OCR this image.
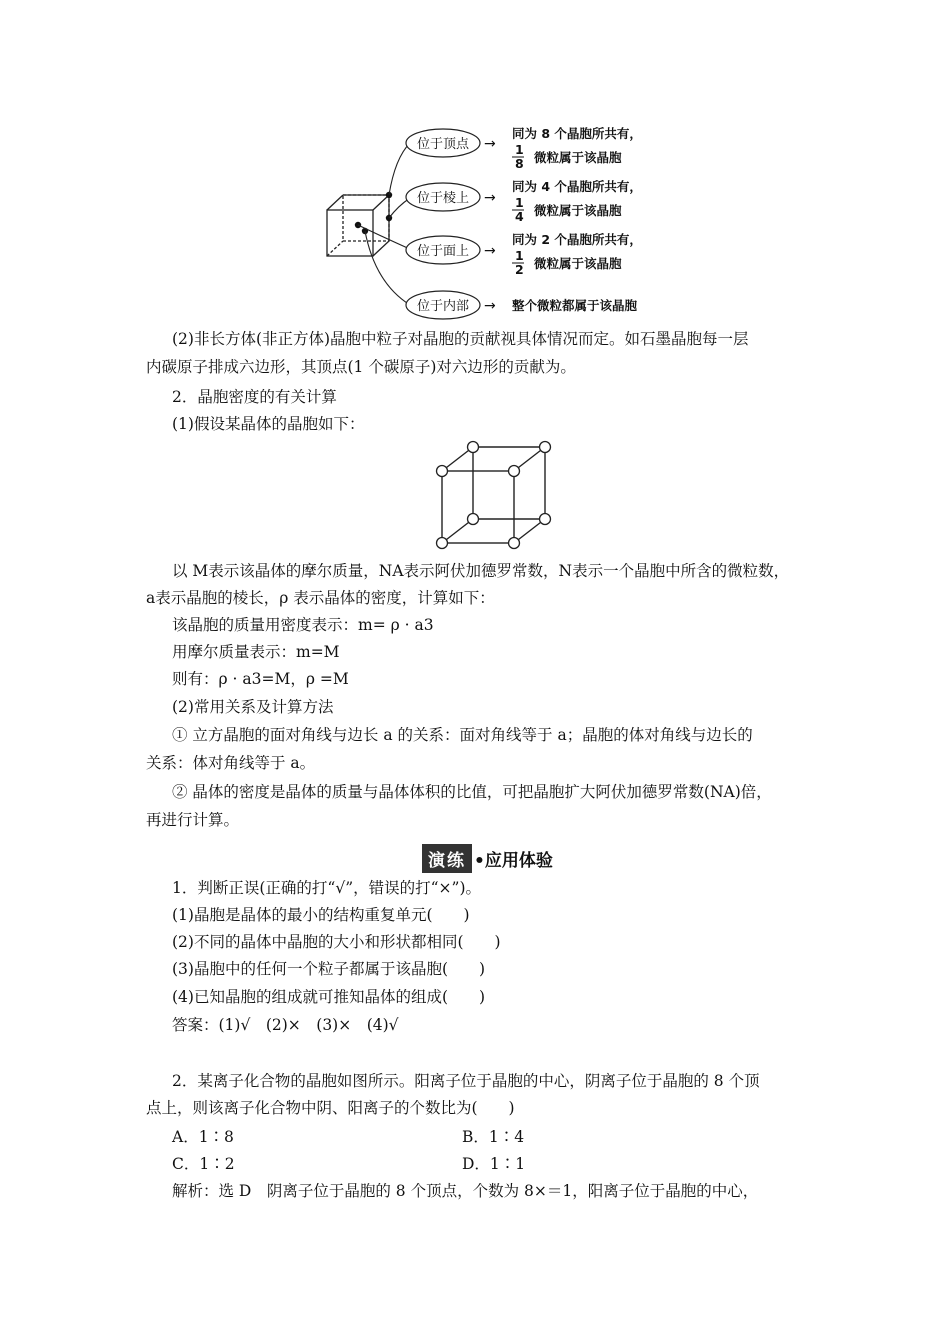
位于顶点
位于棱上
位于面上
位于内部
→
→
→
→
同为 8 个晶胞所共有，
1
8 微粒属于该晶胞
同为 4 个晶胞所共有，
1
4 微粒属于该晶胞
同为 2 个晶胞所共有，
1
2 微粒属于该晶胞
整个微粒都属于该晶胞
(2)非长方体(非正方体)晶胞中粒子对晶胞的贡献视具体情况而定。如石墨晶胞每一层
内碳原子排成六边形，其顶点(1 个碳原子)对六边形的贡献为。
2．晶胞密度的有关计算
(1)假设某晶体的晶胞如下：
以 M表示该晶体的摩尔质量，NA表示阿伏加德罗常数，N表示一个晶胞中所含的微粒数，
a表示晶胞的棱长，ρ 表示晶体的密度，计算如下：
该晶胞的质量用密度表示：m= ρ · a3
用摩尔质量表示：m=M
则有：ρ · a3=M，ρ =M
(2)常用关系及计算方法
① 立方晶胞的面对角线与边长 a 的关系：面对角线等于 a；晶胞的体对角线与边长的
关系：体对角线等于 a。
② 晶体的密度是晶体的质量与晶体体积的比值，可把晶胞扩大阿伏加德罗常数(NA)倍，
再进行计算。
演练 •应用体验
1．判断正误(正确的打“√”，错误的打“×”)。
(1)晶胞是晶体的最小的结构重复单元(　　)
(2)不同的晶体中晶胞的大小和形状都相同(　　)
(3)晶胞中的任何一个粒子都属于该晶胞(　　)
(4)已知晶胞的组成就可推知晶体的组成(　　)
答案：(1)√　(2)×　(3)×　(4)√
2．某离子化合物的晶胞如图所示。阳离子位于晶胞的中心，阴离子位于晶胞的 8 个顶
点上，则该离子化合物中阴、阳离子的个数比为(　　)
A．1∶8	B．1∶4
C．1∶2	D．1∶1
解析：选 D　阴离子位于晶胞的 8 个顶点，个数为 8×＝1，阳离子位于晶胞的中心，
